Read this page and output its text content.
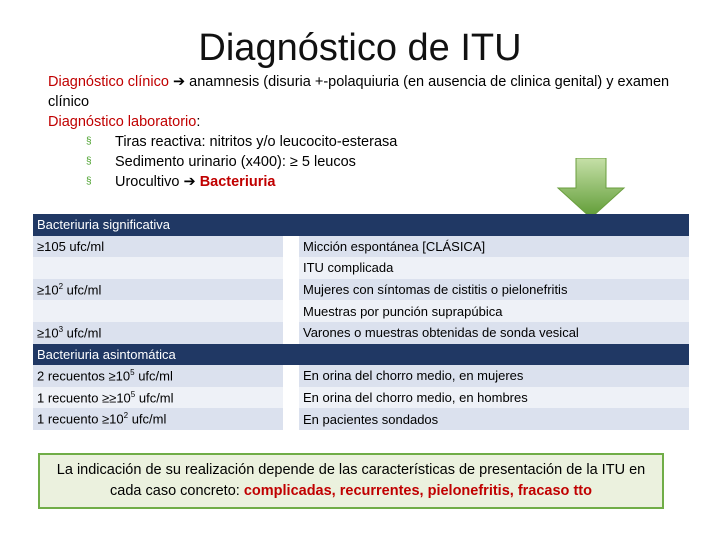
Diagnóstico de ITU
Diagnóstico clínico ➔ anamnesis (disuria +-polaquiuria (en ausencia de clinica genital) y examen clínico
Diagnóstico laboratorio:
§ Tiras reactiva: nitritos y/o leucocito-esterasa
§ Sedimento urinario (x400): ≥ 5 leucos
§ Urocultivo ➔ Bacteriuria
Bacteriuria significativa		
≥105 ufc/ml		Micción espontánea [CLÁSICA]
		ITU complicada
$\ge 10^2$ ufc/ml		Mujeres con síntomas de cistitis o pielonefritis
		Muestras por punción suprapúbica
$\ge 10^3$ ufc/ml		Varones o muestras obtenidas de sonda vesical
Bacteriuria asintomática		
2 recuentos $\ge 10^5$ ufc/ml		En orina del chorro medio, en mujeres
1 recuento $\ge\ge 10^5$ ufc/ml		En orina del chorro medio, en hombres
1 recuento $\ge 10^2$ ufc/ml		En pacientes sondados
La indicación de su realización depende de las características de presentación de la ITU en cada caso concreto: complicadas, recurrentes, pielonefritis, fracaso tto
